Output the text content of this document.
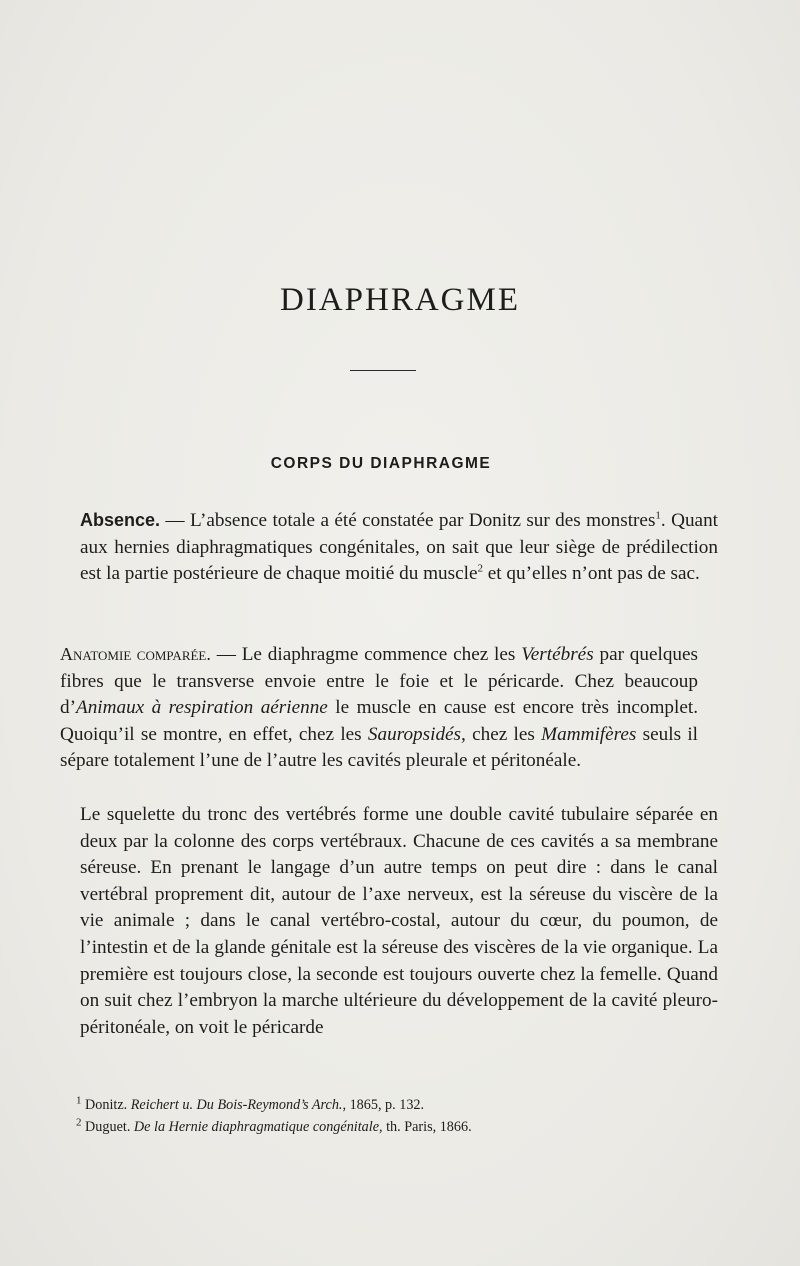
DIAPHRAGME
CORPS DU DIAPHRAGME

Absence. — L’absence totale a été constatée par Donitz sur des monstres$^1$. Quant aux hernies diaphragmatiques congénitales, on sait que leur siège de prédilection est la partie postérieure de chaque moitié du muscle$^2$ et qu’elles n’ont pas de sac.

Anatomie comparée. — Le diaphragme commence chez les Vertébrés par quelques fibres que le transverse envoie entre le foie et le péricarde. Chez beaucoup d’Animaux à respiration aérienne le muscle en cause est encore très incomplet. Quoiqu’il se montre, en effet, chez les Sauropsidés, chez les Mammifères seuls il sépare totalement l’une de l’autre les cavités pleurale et péritonéale.

Le squelette du tronc des vertébrés forme une double cavité tubulaire séparée en deux par la colonne des corps vertébraux. Chacune de ces cavités a sa membrane séreuse. En prenant le langage d’un autre temps on peut dire : dans le canal vertébral proprement dit, autour de l’axe nerveux, est la séreuse du viscère de la vie animale ; dans le canal vertébro-costal, autour du cœur, du poumon, de l’intestin et de la glande génitale est la séreuse des viscères de la vie organique. La première est toujours close, la seconde est toujours ouverte chez la femelle. Quand on suit chez l’embryon la marche ultérieure du développement de la cavité pleuro-péritonéale, on voit le péricarde

$^1$ Donitz. Reichert u. Du Bois-Reymond’s Arch., 1865, p. 132.
$^2$ Duguet. De la Hernie diaphragmatique congénitale, th. Paris, 1866.
